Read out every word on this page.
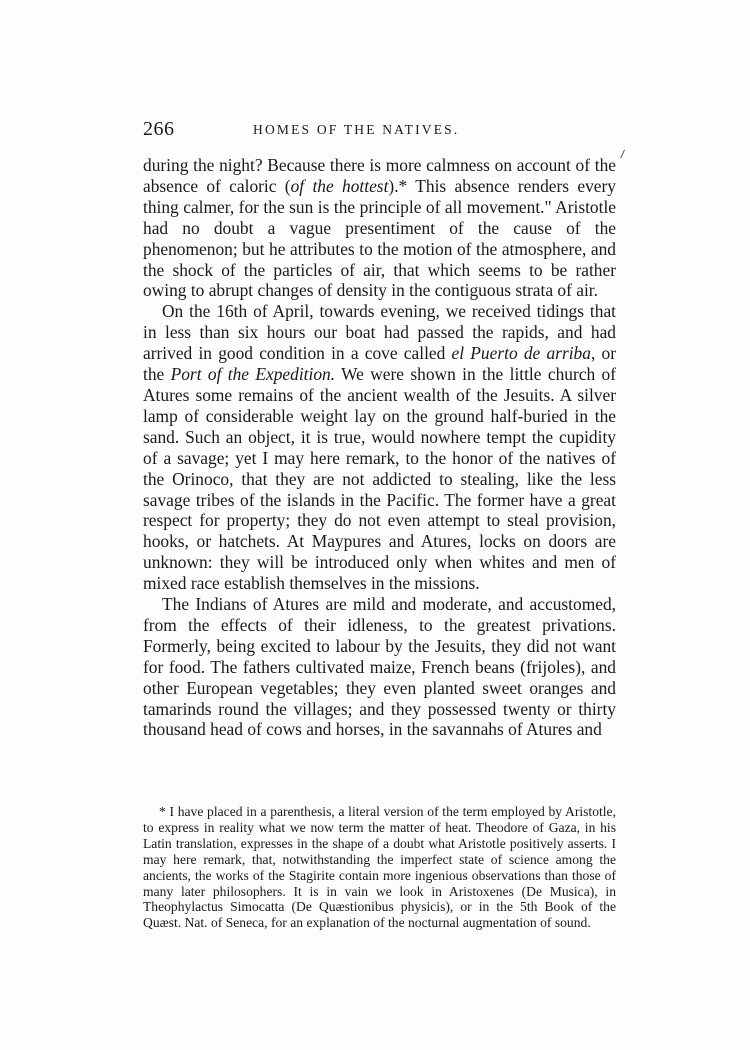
266	HOMES OF THE NATIVES.

during the night? Because there is more calmness on account of the absence of caloric (of the hottest).* This absence renders every thing calmer, for the sun is the principle of all movement." Aristotle had no doubt a vague presentiment of the cause of the phenomenon; but he attributes to the motion of the atmosphere, and the shock of the particles of air, that which seems to be rather owing to abrupt changes of density in the contiguous strata of air.

On the 16th of April, towards evening, we received tidings that in less than six hours our boat had passed the rapids, and had arrived in good condition in a cove called el Puerto de arriba, or the Port of the Expedition. We were shown in the little church of Atures some remains of the ancient wealth of the Jesuits. A silver lamp of considerable weight lay on the ground half-buried in the sand. Such an object, it is true, would nowhere tempt the cupidity of a savage; yet I may here remark, to the honor of the natives of the Orinoco, that they are not addicted to stealing, like the less savage tribes of the islands in the Pacific. The former have a great respect for property; they do not even attempt to steal provision, hooks, or hatchets. At Maypures and Atures, locks on doors are unknown: they will be introduced only when whites and men of mixed race establish themselves in the missions.

The Indians of Atures are mild and moderate, and accustomed, from the effects of their idleness, to the greatest privations. Formerly, being excited to labour by the Jesuits, they did not want for food. The fathers cultivated maize, French beans (frijoles), and other European vegetables; they even planted sweet oranges and tamarinds round the villages; and they possessed twenty or thirty thousand head of cows and horses, in the savannahs of Atures and

* I have placed in a parenthesis, a literal version of the term employed by Aristotle, to express in reality what we now term the matter of heat. Theodore of Gaza, in his Latin translation, expresses in the shape of a doubt what Aristotle positively asserts. I may here remark, that, notwithstanding the imperfect state of science among the ancients, the works of the Stagirite contain more ingenious observations than those of many later philosophers. It is in vain we look in Aristoxenes (De Musica), in Theophylactus Simocatta (De Quæstionibus physicis), or in the 5th Book of the Quæst. Nat. of Seneca, for an explanation of the nocturnal augmentation of sound.
